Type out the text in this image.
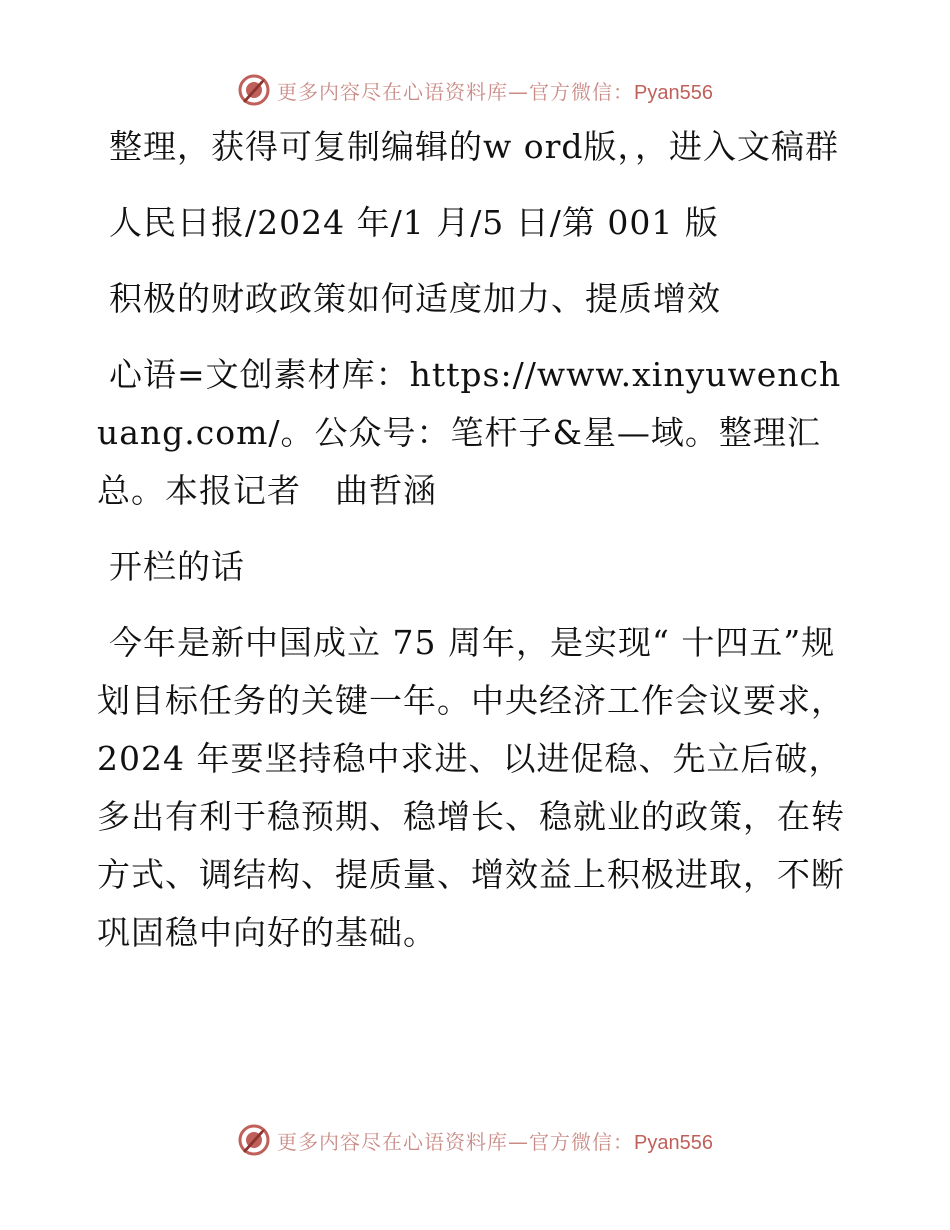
更多内容尽在心语资料库—官方微信：Pyan556

整理，获得可复制编辑的w ord版，，进入文稿群

人民日报/2024 年/1 月/5 日/第 001 版

积极的财政政策如何适度加力、提质增效

心语=文创素材库：https://www.xinyuwenchuang.com/。公众号：笔杆子&星—域。整理汇总。本报记者　曲哲涵

开栏的话

今年是新中国成立 75 周年，是实现“ 十四五”规划目标任务的关键一年。中央经济工作会议要求，2024 年要坚持稳中求进、以进促稳、先立后破，多出有利于稳预期、稳增长、稳就业的政策，在转方式、调结构、提质量、增效益上积极进取，不断巩固稳中向好的基础。

更多内容尽在心语资料库—官方微信：Pyan556
